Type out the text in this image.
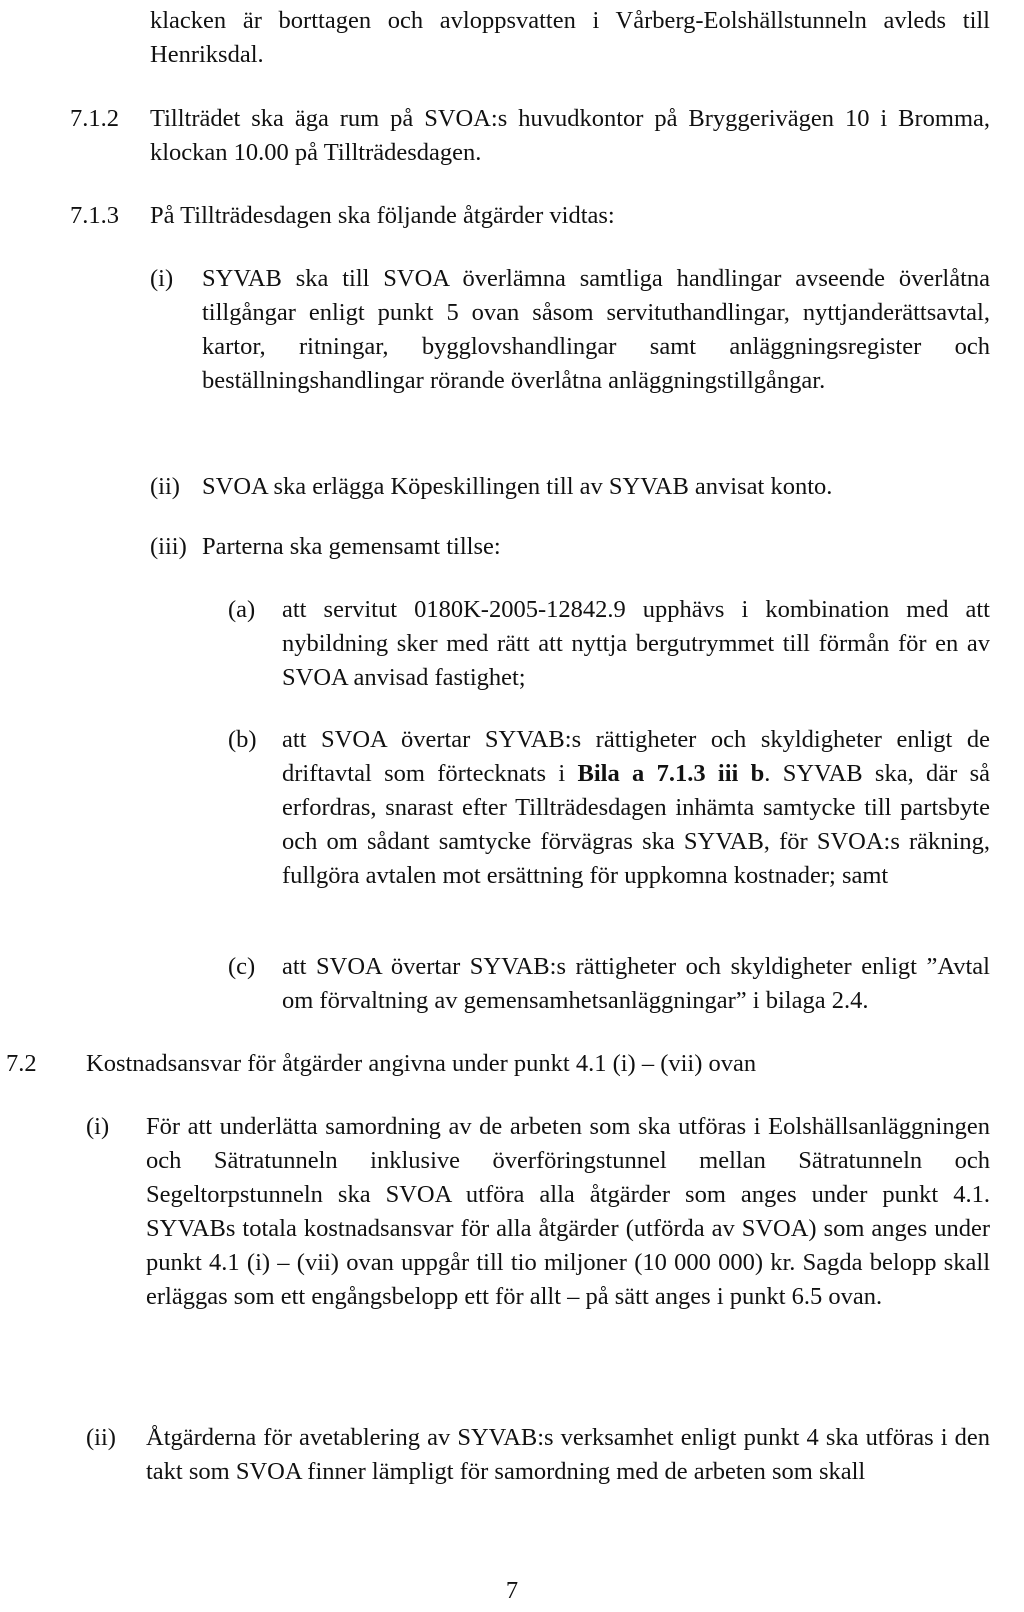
klacken är borttagen och avloppsvatten i Vårberg-Eolshällstunneln avleds till Henriksdal.

7.1.2 Tillträdet ska äga rum på SVOA:s huvudkontor på Bryggerivägen 10 i Bromma, klockan 10.00 på Tillträdesdagen.

7.1.3 På Tillträdesdagen ska följande åtgärder vidtas:

(i) SYVAB ska till SVOA överlämna samtliga handlingar avseende överlåtna tillgångar enligt punkt 5 ovan såsom servituthandlingar, nyttjanderättsavtal, kartor, ritningar, bygglovshandlingar samt anläggningsregister och beställningshandlingar rörande överlåtna anläggningstillgångar.

(ii) SVOA ska erlägga Köpeskillingen till av SYVAB anvisat konto.

(iii) Parterna ska gemensamt tillse:

(a) att servitut 0180K-2005-12842.9 upphävs i kombination med att nybildning sker med rätt att nyttja bergutrymmet till förmån för en av SVOA anvisad fastighet;

(b) att SVOA övertar SYVAB:s rättigheter och skyldigheter enligt de driftavtal som förtecknats i Bila a 7.1.3 iii b. SYVAB ska, där så erfordras, snarast efter Tillträdesdagen inhämta samtycke till partsbyte och om sådant samtycke förvägras ska SYVAB, för SVOA:s räkning, fullgöra avtalen mot ersättning för uppkomna kostnader; samt

(c) att SVOA övertar SYVAB:s rättigheter och skyldigheter enligt ”Avtal om förvaltning av gemensamhetsanläggningar” i bilaga 2.4.

7.2 Kostnadsansvar för åtgärder angivna under punkt 4.1 (i) – (vii) ovan

(i) För att underlätta samordning av de arbeten som ska utföras i Eolshällsanläggningen och Sätratunneln inklusive överföringstunnel mellan Sätratunneln och Segeltorpstunneln ska SVOA utföra alla åtgärder som anges under punkt 4.1. SYVABs totala kostnadsansvar för alla åtgärder (utförda av SVOA) som anges under punkt 4.1 (i) – (vii) ovan uppgår till tio miljoner (10 000 000) kr. Sagda belopp skall erläggas som ett engångsbelopp ett för allt – på sätt anges i punkt 6.5 ovan.

(ii) Åtgärderna för avetablering av SYVAB:s verksamhet enligt punkt 4 ska utföras i den takt som SVOA finner lämpligt för samordning med de arbeten som skall

7
